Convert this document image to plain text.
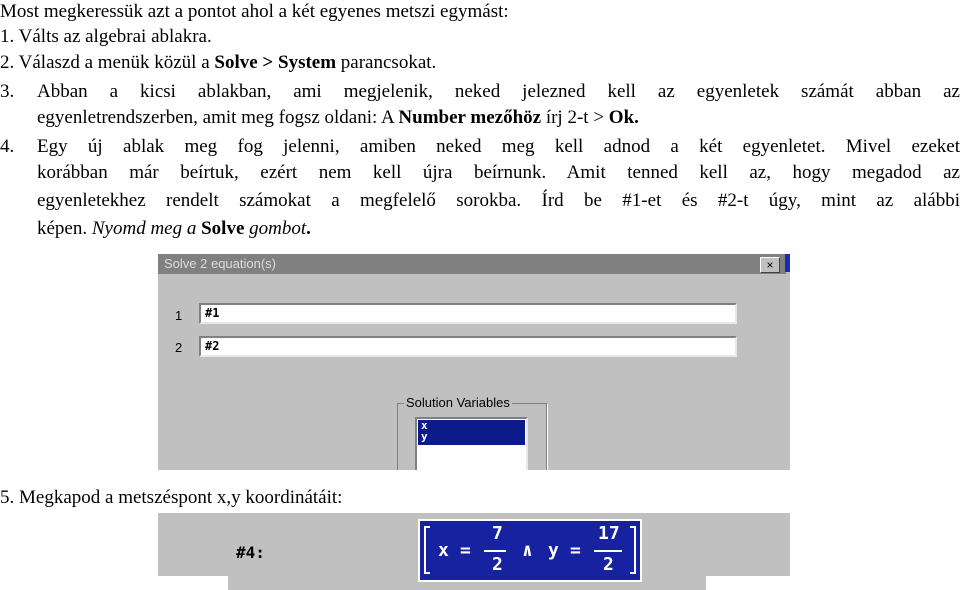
Solve 2 equation(s)	×
1 #1
2 #2
Solution Variables
x
y
Most megkeressük azt a pontot ahol a két egyenes metszi egymást:
1. Válts az algebrai ablakra.
2. Válaszd a menük közül a Solve > System parancsokat.
3.	Abban a kicsi ablakban, ami megjelenik, neked jelezned kell az egyenletek számát abban az
egyenletrendszerben, amit meg fogsz oldani: A Number mezőhöz írj 2-t > Ok.
4.	Egy új ablak meg fog jelenni, amiben neked meg kell adnod a két egyenletet. Mivel ezeket
korábban már beírtuk, ezért nem kell újra beírnunk. Amit tenned kell az, hogy megadod az
egyenletekhez rendelt számokat a megfelelő sorokba. Írd be #1-et és #2-t úgy, mint az alábbi
képen. Nyomd meg a Solve gombot.
5. Megkapod a metszéspont x,y koordinátáit:
#4:	x =
7
2
∧ y =
17
2
